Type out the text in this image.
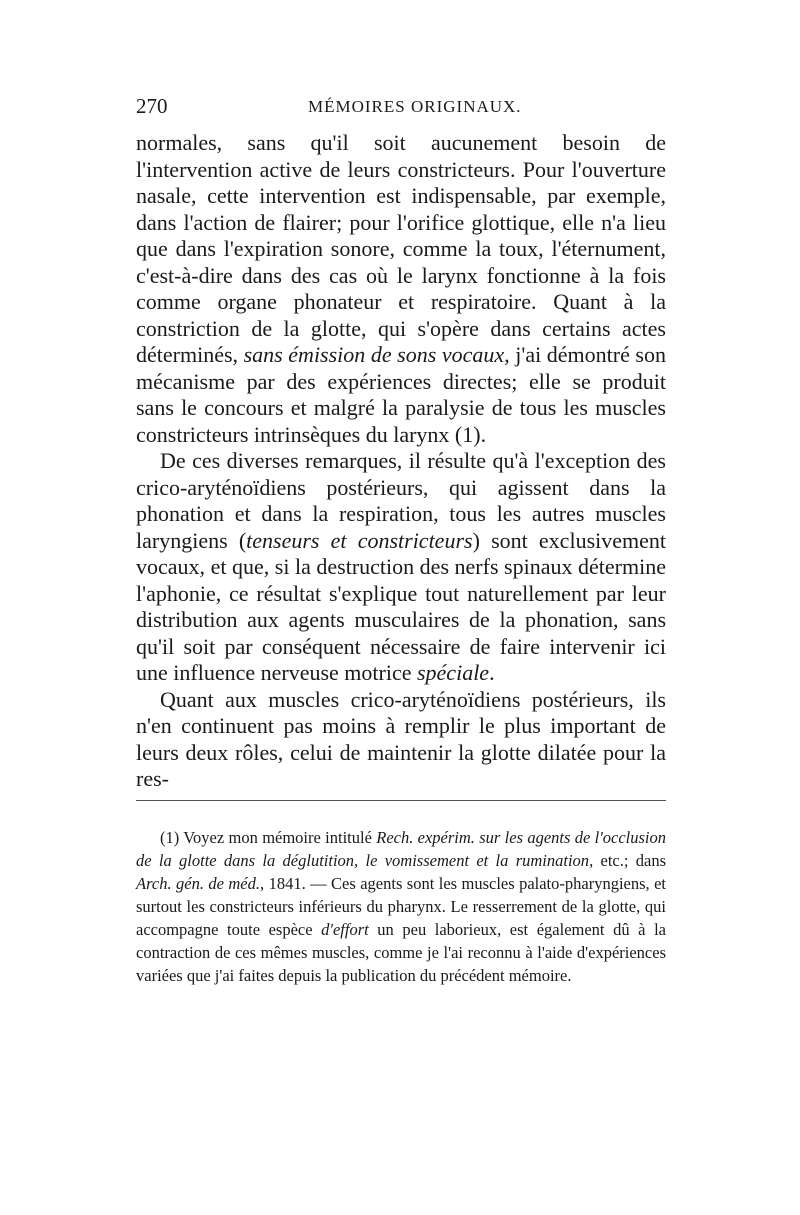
270	MÉMOIRES ORIGINAUX.

normales, sans qu'il soit aucunement besoin de l'intervention active de leurs constricteurs. Pour l'ouverture nasale, cette intervention est indispensable, par exemple, dans l'action de flairer; pour l'orifice glottique, elle n'a lieu que dans l'expiration sonore, comme la toux, l'éternument, c'est-à-dire dans des cas où le larynx fonctionne à la fois comme organe phonateur et respiratoire. Quant à la constriction de la glotte, qui s'opère dans certains actes déterminés, sans émission de sons vocaux, j'ai démontré son mécanisme par des expériences directes; elle se produit sans le concours et malgré la paralysie de tous les muscles constricteurs intrinsèques du larynx (1).

De ces diverses remarques, il résulte qu'à l'exception des crico-aryténoïdiens postérieurs, qui agissent dans la phonation et dans la respiration, tous les autres muscles laryngiens (tenseurs et constricteurs) sont exclusivement vocaux, et que, si la destruction des nerfs spinaux détermine l'aphonie, ce résultat s'explique tout naturellement par leur distribution aux agents musculaires de la phonation, sans qu'il soit par conséquent nécessaire de faire intervenir ici une influence nerveuse motrice spéciale.

Quant aux muscles crico-aryténoïdiens postérieurs, ils n'en continuent pas moins à remplir le plus important de leurs deux rôles, celui de maintenir la glotte dilatée pour la res-

(1) Voyez mon mémoire intitulé Rech. expérim. sur les agents de l'occlusion de la glotte dans la déglutition, le vomissement et la rumination, etc.; dans Arch. gén. de méd., 1841. — Ces agents sont les muscles palato-pharyngiens, et surtout les constricteurs inférieurs du pharynx. Le resserrement de la glotte, qui accompagne toute espèce d'effort un peu laborieux, est également dû à la contraction de ces mêmes muscles, comme je l'ai reconnu à l'aide d'expériences variées que j'ai faites depuis la publication du précédent mémoire.
